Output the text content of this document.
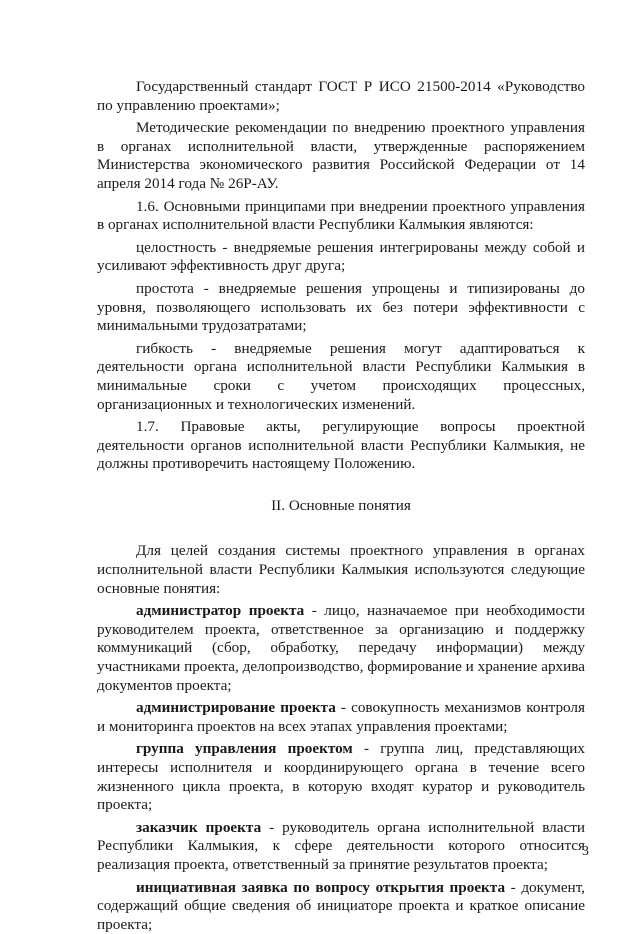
Государственный стандарт ГОСТ Р ИСО 21500-2014 «Руководство по управлению проектами»;

Методические рекомендации по внедрению проектного управления в органах исполнительной власти, утвержденные распоряжением Министерства экономического развития Российской Федерации от 14 апреля 2014 года № 26Р-АУ.

1.6. Основными принципами при внедрении проектного управления в органах исполнительной власти Республики Калмыкия являются:

целостность - внедряемые решения интегрированы между собой и усиливают эффективность друг друга;

простота - внедряемые решения упрощены и типизированы до уровня, позволяющего использовать их без потери эффективности с минимальными трудозатратами;

гибкость - внедряемые решения могут адаптироваться к деятельности органа исполнительной власти Республики Калмыкия в минимальные сроки с учетом происходящих процессных, организационных и технологических изменений.

1.7. Правовые акты, регулирующие вопросы проектной деятельности органов исполнительной власти Республики Калмыкия, не должны противоречить настоящему Положению.

II. Основные понятия

Для целей создания системы проектного управления в органах исполнительной власти Республики Калмыкия используются следующие основные понятия:

администратор проекта - лицо, назначаемое при необходимости руководителем проекта, ответственное за организацию и поддержку коммуникаций (сбор, обработку, передачу информации) между участниками проекта, делопроизводство, формирование и хранение архива документов проекта;

администрирование проекта - совокупность механизмов контроля и мониторинга проектов на всех этапах управления проектами;

группа управления проектом - группа лиц, представляющих интересы исполнителя и координирующего органа в течение всего жизненного цикла проекта, в которую входят куратор и руководитель проекта;

заказчик проекта - руководитель органа исполнительной власти Республики Калмыкия, к сфере деятельности которого относится реализация проекта, ответственный за принятие результатов проекта;

инициативная заявка по вопросу открытия проекта - документ, содержащий общие сведения об инициаторе проекта и краткое описание проекта;

3
